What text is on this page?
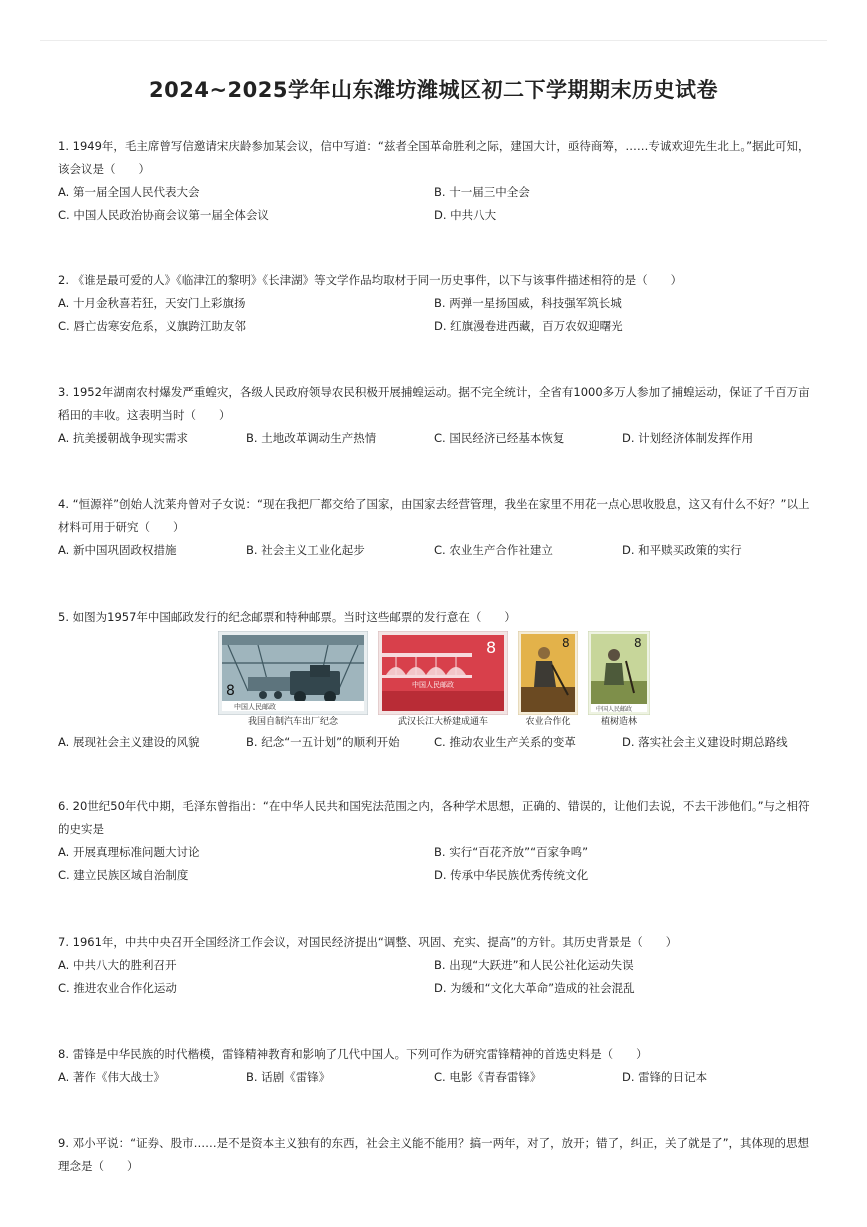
2024~2025学年山东潍坊潍城区初二下学期期末历史试卷

1. 1949年，毛主席曾写信邀请宋庆龄参加某会议，信中写道：“兹者全国革命胜利之际，建国大计，亟待商筹，……专诚欢迎先生北上。”据此可知，该会议是（　　）

A. 第一届全国人民代表大会	B. 十一届三中全会
C. 中国人民政治协商会议第一届全体会议	D. 中共八大

2. 《谁是最可爱的人》《临津江的黎明》《长津湖》等文学作品均取材于同一历史事件，以下与该事件描述相符的是（　　）

A. 十月金秋喜若狂，天安门上彩旗扬	B. 两弹一星扬国威，科技强军筑长城
C. 唇亡齿寒安危系，义旗跨江助友邻	D. 红旗漫卷进西藏，百万农奴迎曙光

3. 1952年湖南农村爆发严重蝗灾，各级人民政府领导农民积极开展捕蝗运动。据不完全统计，全省有1000多万人参加了捕蝗运动，保证了千百万亩稻田的丰收。这表明当时（　　）

A. 抗美援朝战争现实需求	B. 土地改革调动生产热情	C. 国民经济已经基本恢复	D. 计划经济体制发挥作用

4. “恒源祥”创始人沈莱舟曾对子女说：“现在我把厂都交给了国家，由国家去经营管理，我坐在家里不用花一点心思收股息，这又有什么不好？”以上材料可用于研究（　　）

A. 新中国巩固政权措施	B. 社会主义工业化起步	C. 农业生产合作社建立	D. 和平赎买政策的实行

5. 如图为1957年中国邮政发行的纪念邮票和特种邮票。当时这些邮票的发行意在（　　）

中国人民邮政
8
我国自制汽车出厂纪念
8
中国人民邮政
武汉长江大桥建成通车
8
农业合作化
8
中国人民邮政
植树造林
A. 展现社会主义建设的风貌	B. 纪念“一五计划”的顺利开始	C. 推动农业生产关系的变革	D. 落实社会主义建设时期总路线

6. 20世纪50年代中期，毛泽东曾指出：“在中华人民共和国宪法范围之内，各种学术思想，正确的、错误的，让他们去说，不去干涉他们。”与之相符的史实是

A. 开展真理标准问题大讨论	B. 实行“百花齐放”“百家争鸣”
C. 建立民族区域自治制度	D. 传承中华民族优秀传统文化

7. 1961年，中共中央召开全国经济工作会议，对国民经济提出“调整、巩固、充实、提高”的方针。其历史背景是（　　）

A. 中共八大的胜利召开	B. 出现“大跃进”和人民公社化运动失误
C. 推进农业合作化运动	D. 为缓和“文化大革命”造成的社会混乱

8. 雷锋是中华民族的时代楷模，雷锋精神教育和影响了几代中国人。下列可作为研究雷锋精神的首选史料是（　　）

A. 著作《伟大战士》	B. 话剧《雷锋》	C. 电影《青春雷锋》	D. 雷锋的日记本

9. 邓小平说：“证券、股市……是不是资本主义独有的东西，社会主义能不能用？搞一两年，对了，放开；错了，纠正，关了就是了”，其体现的思想理念是（　　）
